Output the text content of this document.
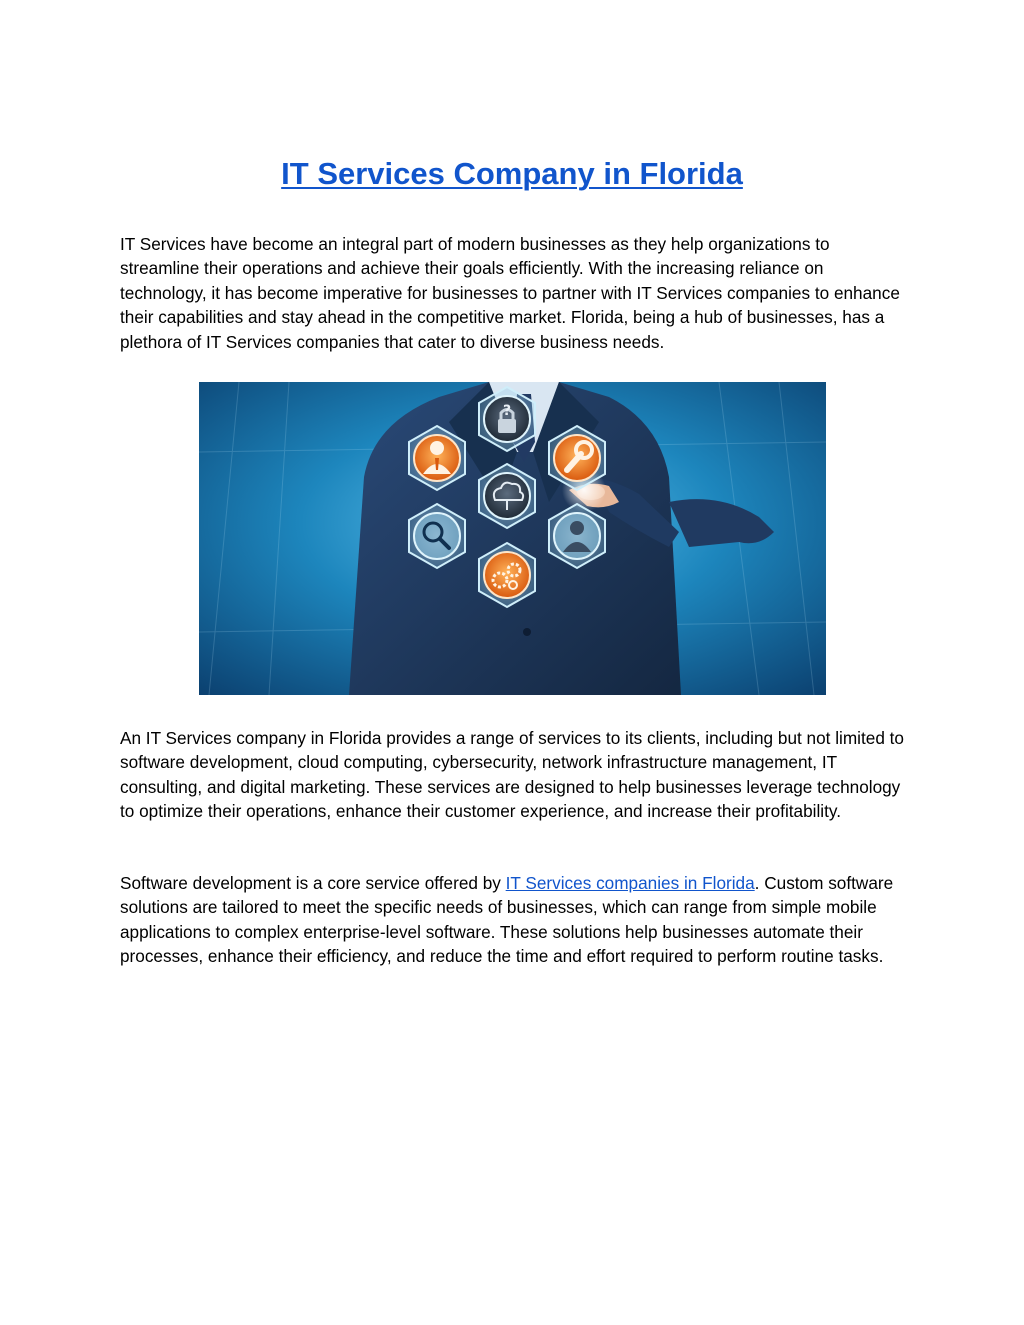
IT Services Company in Florida

IT Services have become an integral part of modern businesses as they help organizations to streamline their operations and achieve their goals efficiently. With the increasing reliance on technology, it has become imperative for businesses to partner with IT Services companies to enhance their capabilities and stay ahead in the competitive market. Florida, being a hub of businesses, has a plethora of IT Services companies that cater to diverse business needs.

?

An IT Services company in Florida provides a range of services to its clients, including but not limited to software development, cloud computing, cybersecurity, network infrastructure management, IT consulting, and digital marketing. These services are designed to help businesses leverage technology to optimize their operations, enhance their customer experience, and increase their profitability.

Software development is a core service offered by IT Services companies in Florida. Custom software solutions are tailored to meet the specific needs of businesses, which can range from simple mobile applications to complex enterprise-level software. These solutions help businesses automate their processes, enhance their efficiency, and reduce the time and effort required to perform routine tasks.
